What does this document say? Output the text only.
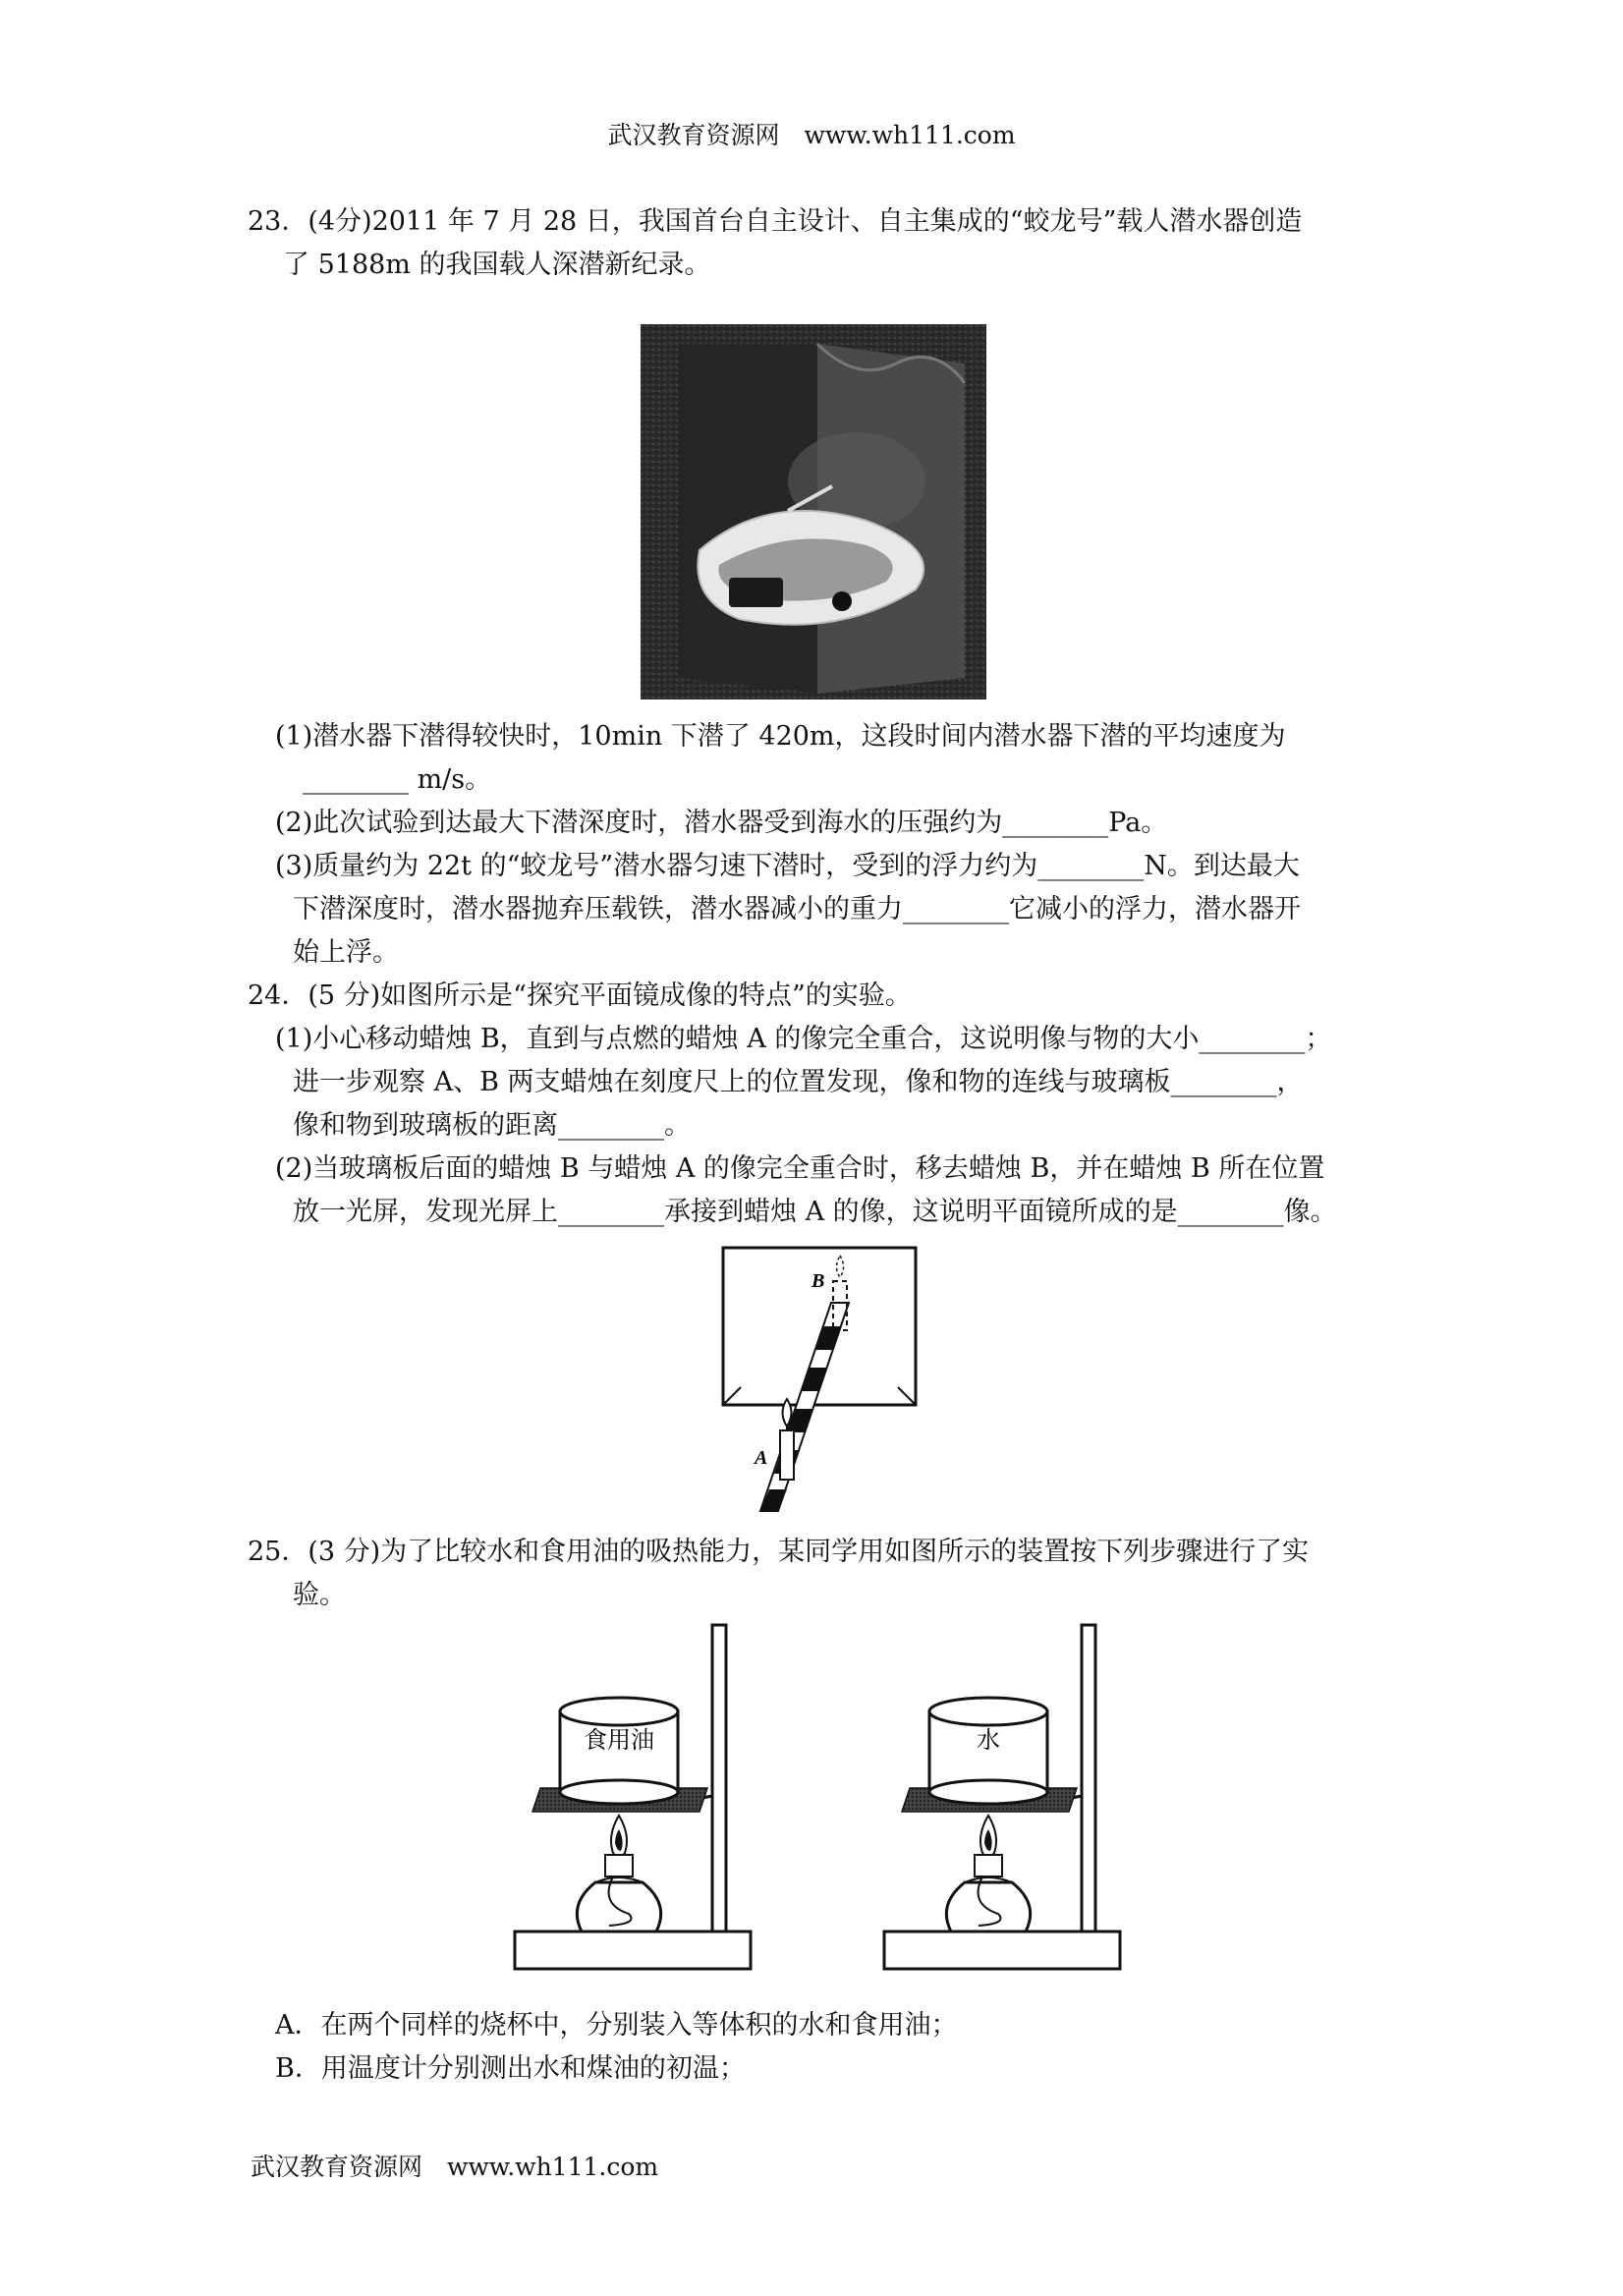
武汉教育资源网　www.wh111.com
23．(4分)2011 年 7 月 28 日，我国首台自主设计、自主集成的“蛟龙号”载人潜水器创造
了 5188m 的我国载人深潜新纪录。
(1)潜水器下潜得较快时，10min 下潜了 420m，这段时间内潜水器下潜的平均速度为
________ m/s。
(2)此次试验到达最大下潜深度时，潜水器受到海水的压强约为________Pa。
(3)质量约为 22t 的“蛟龙号”潜水器匀速下潜时，受到的浮力约为________N。到达最大
下潜深度时，潜水器抛弃压载铁，潜水器减小的重力________它减小的浮力，潜水器开
始上浮。
24．(5 分)如图所示是“探究平面镜成像的特点”的实验。
(1)小心移动蜡烛 B，直到与点燃的蜡烛 A 的像完全重合，这说明像与物的大小________；
进一步观察 A、B 两支蜡烛在刻度尺上的位置发现，像和物的连线与玻璃板________，
像和物到玻璃板的距离________。
(2)当玻璃板后面的蜡烛 B 与蜡烛 A 的像完全重合时，移去蜡烛 B，并在蜡烛 B 所在位置
放一光屏，发现光屏上________承接到蜡烛 A 的像，这说明平面镜所成的是________像。
B
A
25．(3 分)为了比较水和食用油的吸热能力，某同学用如图所示的装置按下列步骤进行了实
验。
食用油	水
A．在两个同样的烧杯中，分别装入等体积的水和食用油；
B．用温度计分别测出水和煤油的初温；
武汉教育资源网　www.wh111.com
